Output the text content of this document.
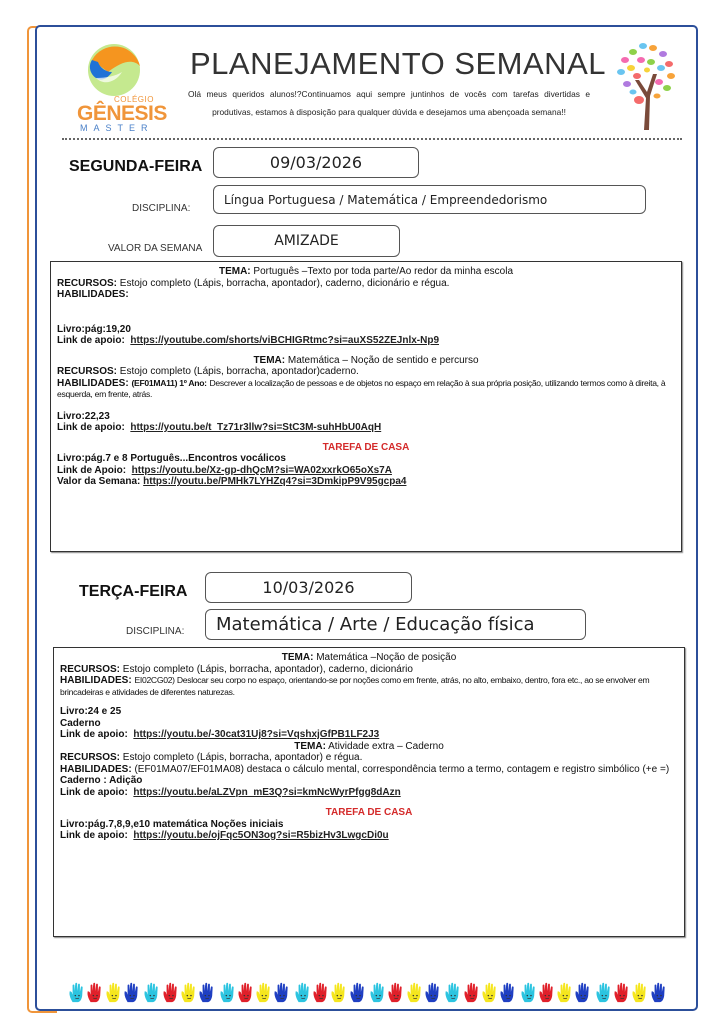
COLÉGIO
GÊNESIS
MASTER
PLANEJAMENTO SEMANAL
Olá meus queridos alunos!?Continuamos aqui sempre juntinhos de vocês com tarefas divertidas e produtivas, estamos à disposição para qualquer dúvida e desejamos uma abençoada semana!!
SEGUNDA-FEIRA	09/03/2026
DISCIPLINA:
Língua Portuguesa / Matemática / Empreendedorismo
VALOR DA SEMANA	AMIZADE
TEMA: Português –Texto por toda parte/Ao redor da minha escola
RECURSOS: Estojo completo (Lápis, borracha, apontador), caderno, dicionário e régua.
HABILIDADES:
Livro:pág:19,20
Link de apoio: https://youtube.com/shorts/viBCHIGRtmc?si=auXS52ZEJnlx-Np9
TEMA: Matemática – Noção de sentido e percurso
RECURSOS: Estojo completo (Lápis, borracha, apontador)caderno.
HABILIDADES: (EF01MA11) 1º Ano: Descrever a localização de pessoas e de objetos no espaço em relação à sua própria posição, utilizando termos como à direita, à esquerda, em frente, atrás.
Livro:22,23
Link de apoio: https://youtu.be/t_Tz71r3llw?si=StC3M-suhHbU0AqH
TAREFA DE CASA
Livro:pág.7 e 8 Português...Encontros vocálicos
Link de Apoio: https://youtu.be/Xz-gp-dhQcM?si=WA02xxrkO65oXs7A
Valor da Semana: https://youtu.be/PMHk7LYHZq4?si=3DmkipP9V95gcpa4
TERÇA-FEIRA	10/03/2026
DISCIPLINA:	Matemática / Arte / Educação física
TEMA: Matemática –Noção de posição
RECURSOS: Estojo completo (Lápis, borracha, apontador), caderno, dicionário
HABILIDADES: EI02CG02) Deslocar seu corpo no espaço, orientando-se por noções como em frente, atrás, no alto, embaixo, dentro, fora etc., ao se envolver em brincadeiras e atividades de diferentes naturezas.
Livro:24 e 25
Caderno
Link de apoio: https://youtu.be/-30cat31Uj8?si=VqshxjGfPB1LF2J3
TEMA: Atividade extra – Caderno
RECURSOS: Estojo completo (Lápis, borracha, apontador) e régua.
HABILIDADES: (EF01MA07/EF01MA08) destaca o cálculo mental, correspondência termo a termo, contagem e registro simbólico (+e =)
Caderno : Adição
Link de apoio: https://youtu.be/aLZVpn_mE3Q?si=kmNcWyrPfgg8dAzn
TAREFA DE CASA
Livro:pág.7,8,9,e10 matemática Noções iniciais
Link de apoio: https://youtu.be/ojFqc5ON3og?si=R5bizHv3LwgcDi0u
